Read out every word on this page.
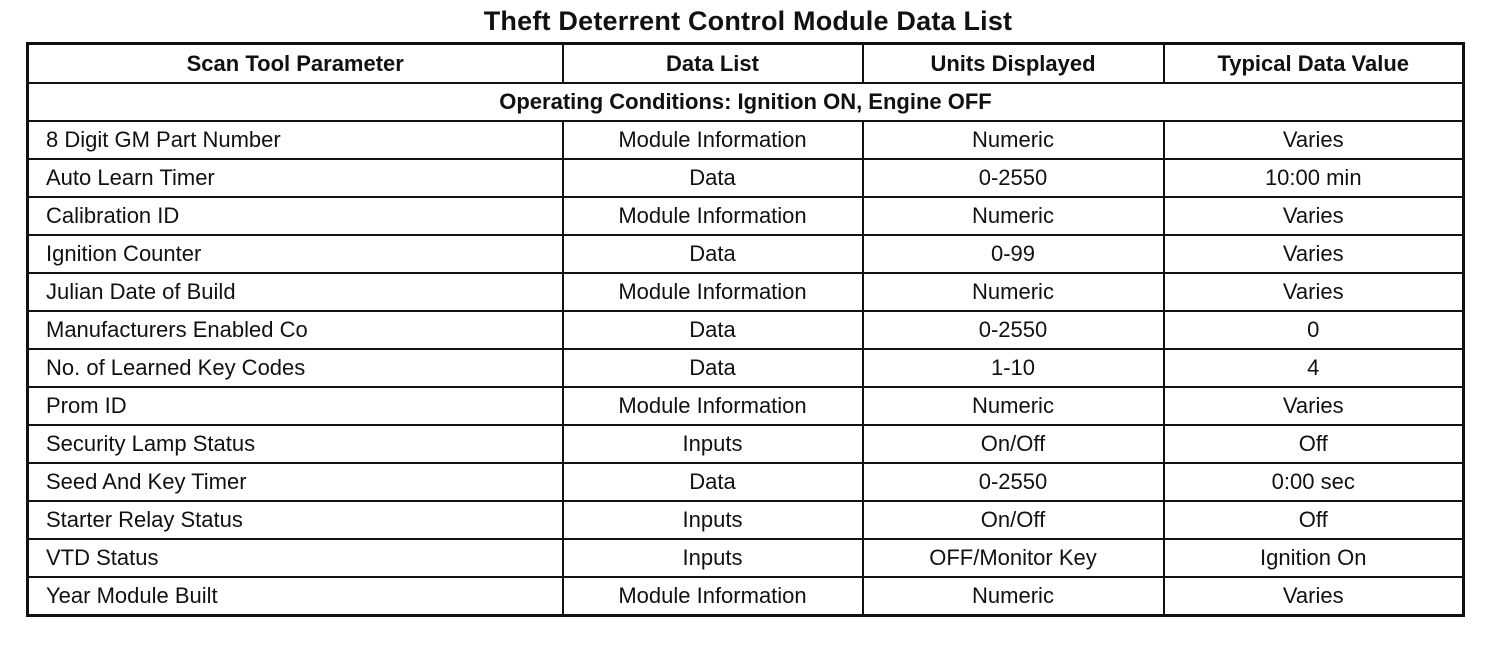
Theft Deterrent Control Module Data List
Scan Tool Parameter	Data List	Units Displayed	Typical Data Value
Operating Conditions: Ignition ON, Engine OFF			
8 Digit GM Part Number	Module Information	Numeric	Varies
Auto Learn Timer	Data	0-2550	10:00 min
Calibration ID	Module Information	Numeric	Varies
Ignition Counter	Data	0-99	Varies
Julian Date of Build	Module Information	Numeric	Varies
Manufacturers Enabled Co	Data	0-2550	0
No. of Learned Key Codes	Data	1-10	4
Prom ID	Module Information	Numeric	Varies
Security Lamp Status	Inputs	On/Off	Off
Seed And Key Timer	Data	0-2550	0:00 sec
Starter Relay Status	Inputs	On/Off	Off
VTD Status	Inputs	OFF/Monitor Key	Ignition On
Year Module Built	Module Information	Numeric	Varies
